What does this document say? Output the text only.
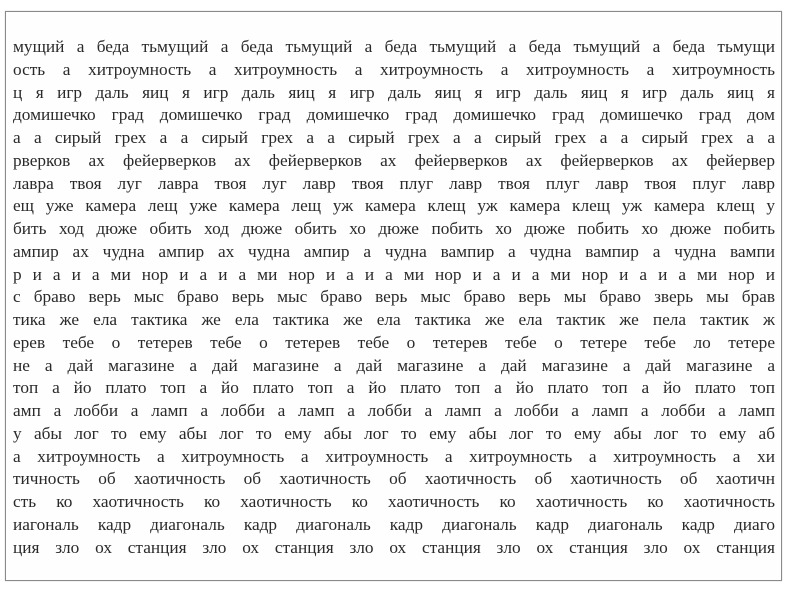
мущий а беда тьмущий а беда тьмущий а беда тьмущий а беда тьмущий а беда тьмущи
ость а хитроумность а хитроумность а хитроумность а хитроумность а хитроумность
ц я игр даль яиц я игр даль яиц я игр даль яиц я игр даль яиц я игр даль яиц я
домишечко град домишечко град домишечко град домишечко град домишечко град дом
а а сирый грех а а сирый грех а а сирый грех а а сирый грех а а сирый грех а а
рверков ах фейерверков ах фейерверков ах фейерверков ах фейерверков ах фейервер
лавра твоя луг лавра твоя луг лавр твоя плуг лавр твоя плуг лавр твоя плуг лавр
ещ уже камера лещ уже камера лещ уж камера клещ уж камера клещ уж камера клещ у
бить ход дюже обить ход дюже обить хо дюже побить хо дюже побить хо дюже побить
ампир ах чудна ампир ах чудна ампир а чудна вампир а чудна вампир а чудна вампи
р и а и а ми нор и а и а ми нор и а и а ми нор и а и а ми нор и а и а ми нор и
с браво верь мыс браво верь мыс браво верь мыс браво верь мы браво зверь мы брав
тика же ела тактика же ела тактика же ела тактика же ела тактик же пела тактик ж
ерев тебе о тетерев тебе о тетерев тебе о тетерев тебе о тетере тебе ло тетере
не а дай магазине а дай магазине а дай магазине а дай магазине а дай магазине а
топ а йо плато топ а йо плато топ а йо плато топ а йо плато топ а йо плато топ
амп а лобби а ламп а лобби а ламп а лобби а ламп а лобби а ламп а лобби а ламп
у абы лог то ему абы лог то ему абы лог то ему абы лог то ему абы лог то ему аб
а хитроумность а хитроумность а хитроумность а хитроумность а хитроумность а хи
тичность об хаотичность об хаотичность об хаотичность об хаотичность об хаотичн
сть ко хаотичность ко хаотичность ко хаотичность ко хаотичность ко хаотичность
иагональ кадр диагональ кадр диагональ кадр диагональ кадр диагональ кадр диаго
ция зло ох станция зло ох станция зло ох станция зло ох станция зло ох станция
